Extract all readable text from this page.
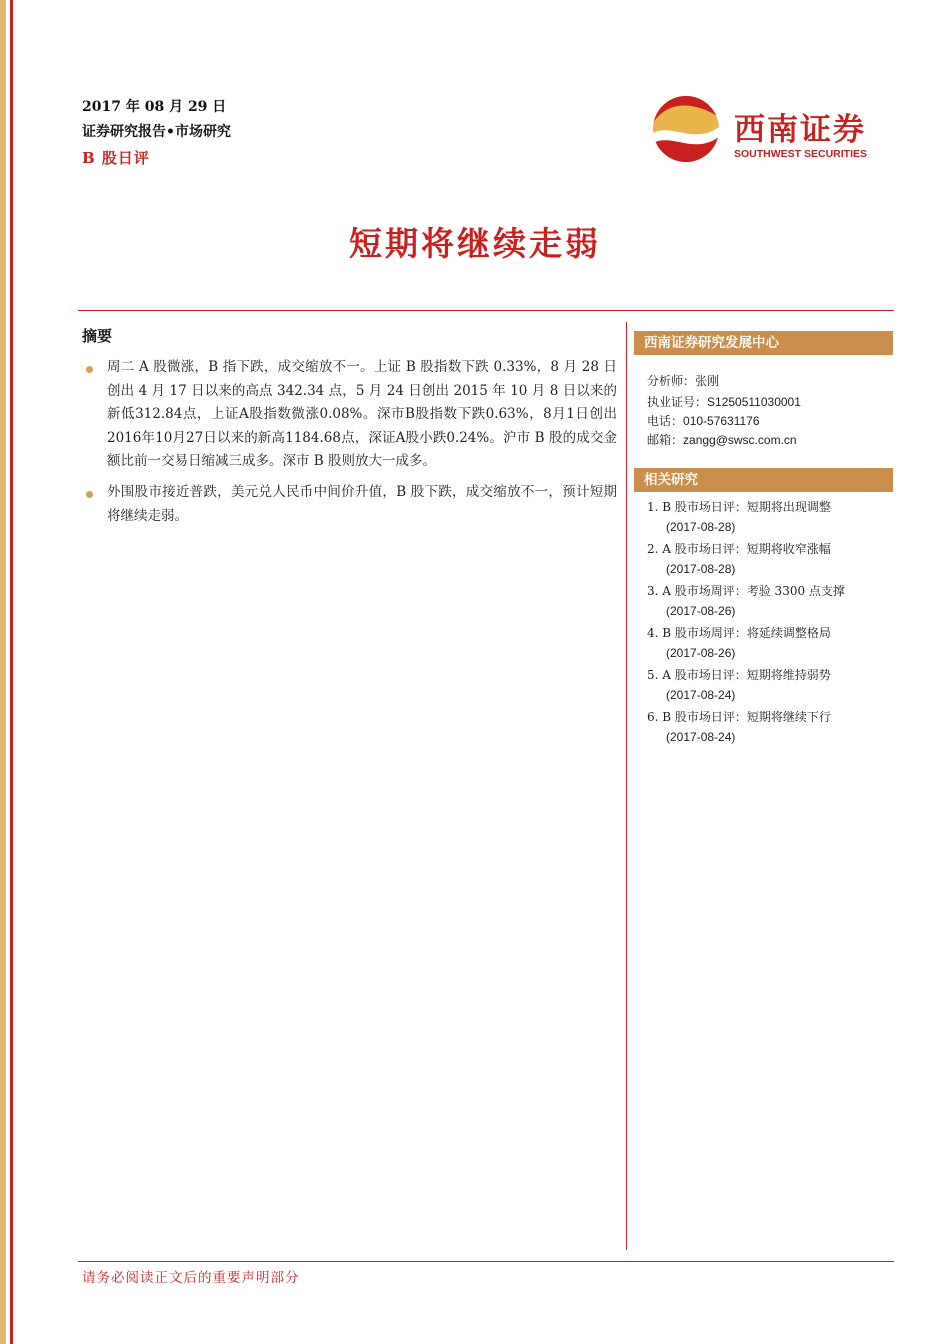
2017 年 08 月 29 日
证券研究报告•市场研究
B 股日评
西南证券
SOUTHWEST SECURITIES
短期将继续走弱
摘要
周二 A 股微涨，B 指下跌，成交缩放不一。上证 B 股指数下跌 0.33%，8 月 28 日创出 4 月 17 日以来的高点 342.34 点，5 月 24 日创出 2015 年 10 月 8 日以来的新低312.84点，上证A股指数微涨0.08%。深市B股指数下跌0.63%，8月1日创出2016年10月27日以来的新高1184.68点，深证A股小跌0.24%。沪市 B 股的成交金额比前一交易日缩减三成多。深市 B 股则放大一成多。
外围股市接近普跌，美元兑人民币中间价升值，B 股下跌，成交缩放不一，预计短期将继续走弱。
西南证券研究发展中心
分析师：张刚
执业证号：S1250511030001
电话：010-57631176
邮箱：zangg@swsc.com.cn
相关研究
1. B 股市场日评：短期将出现调整
(2017-08-28)
2. A 股市场日评：短期将收窄涨幅
(2017-08-28)
3. A 股市场周评：考验 3300 点支撑
(2017-08-26)
4. B 股市场周评：将延续调整格局
(2017-08-26)
5. A 股市场日评：短期将维持弱势
(2017-08-24)
6. B 股市场日评：短期将继续下行
(2017-08-24)
请务必阅读正文后的重要声明部分
